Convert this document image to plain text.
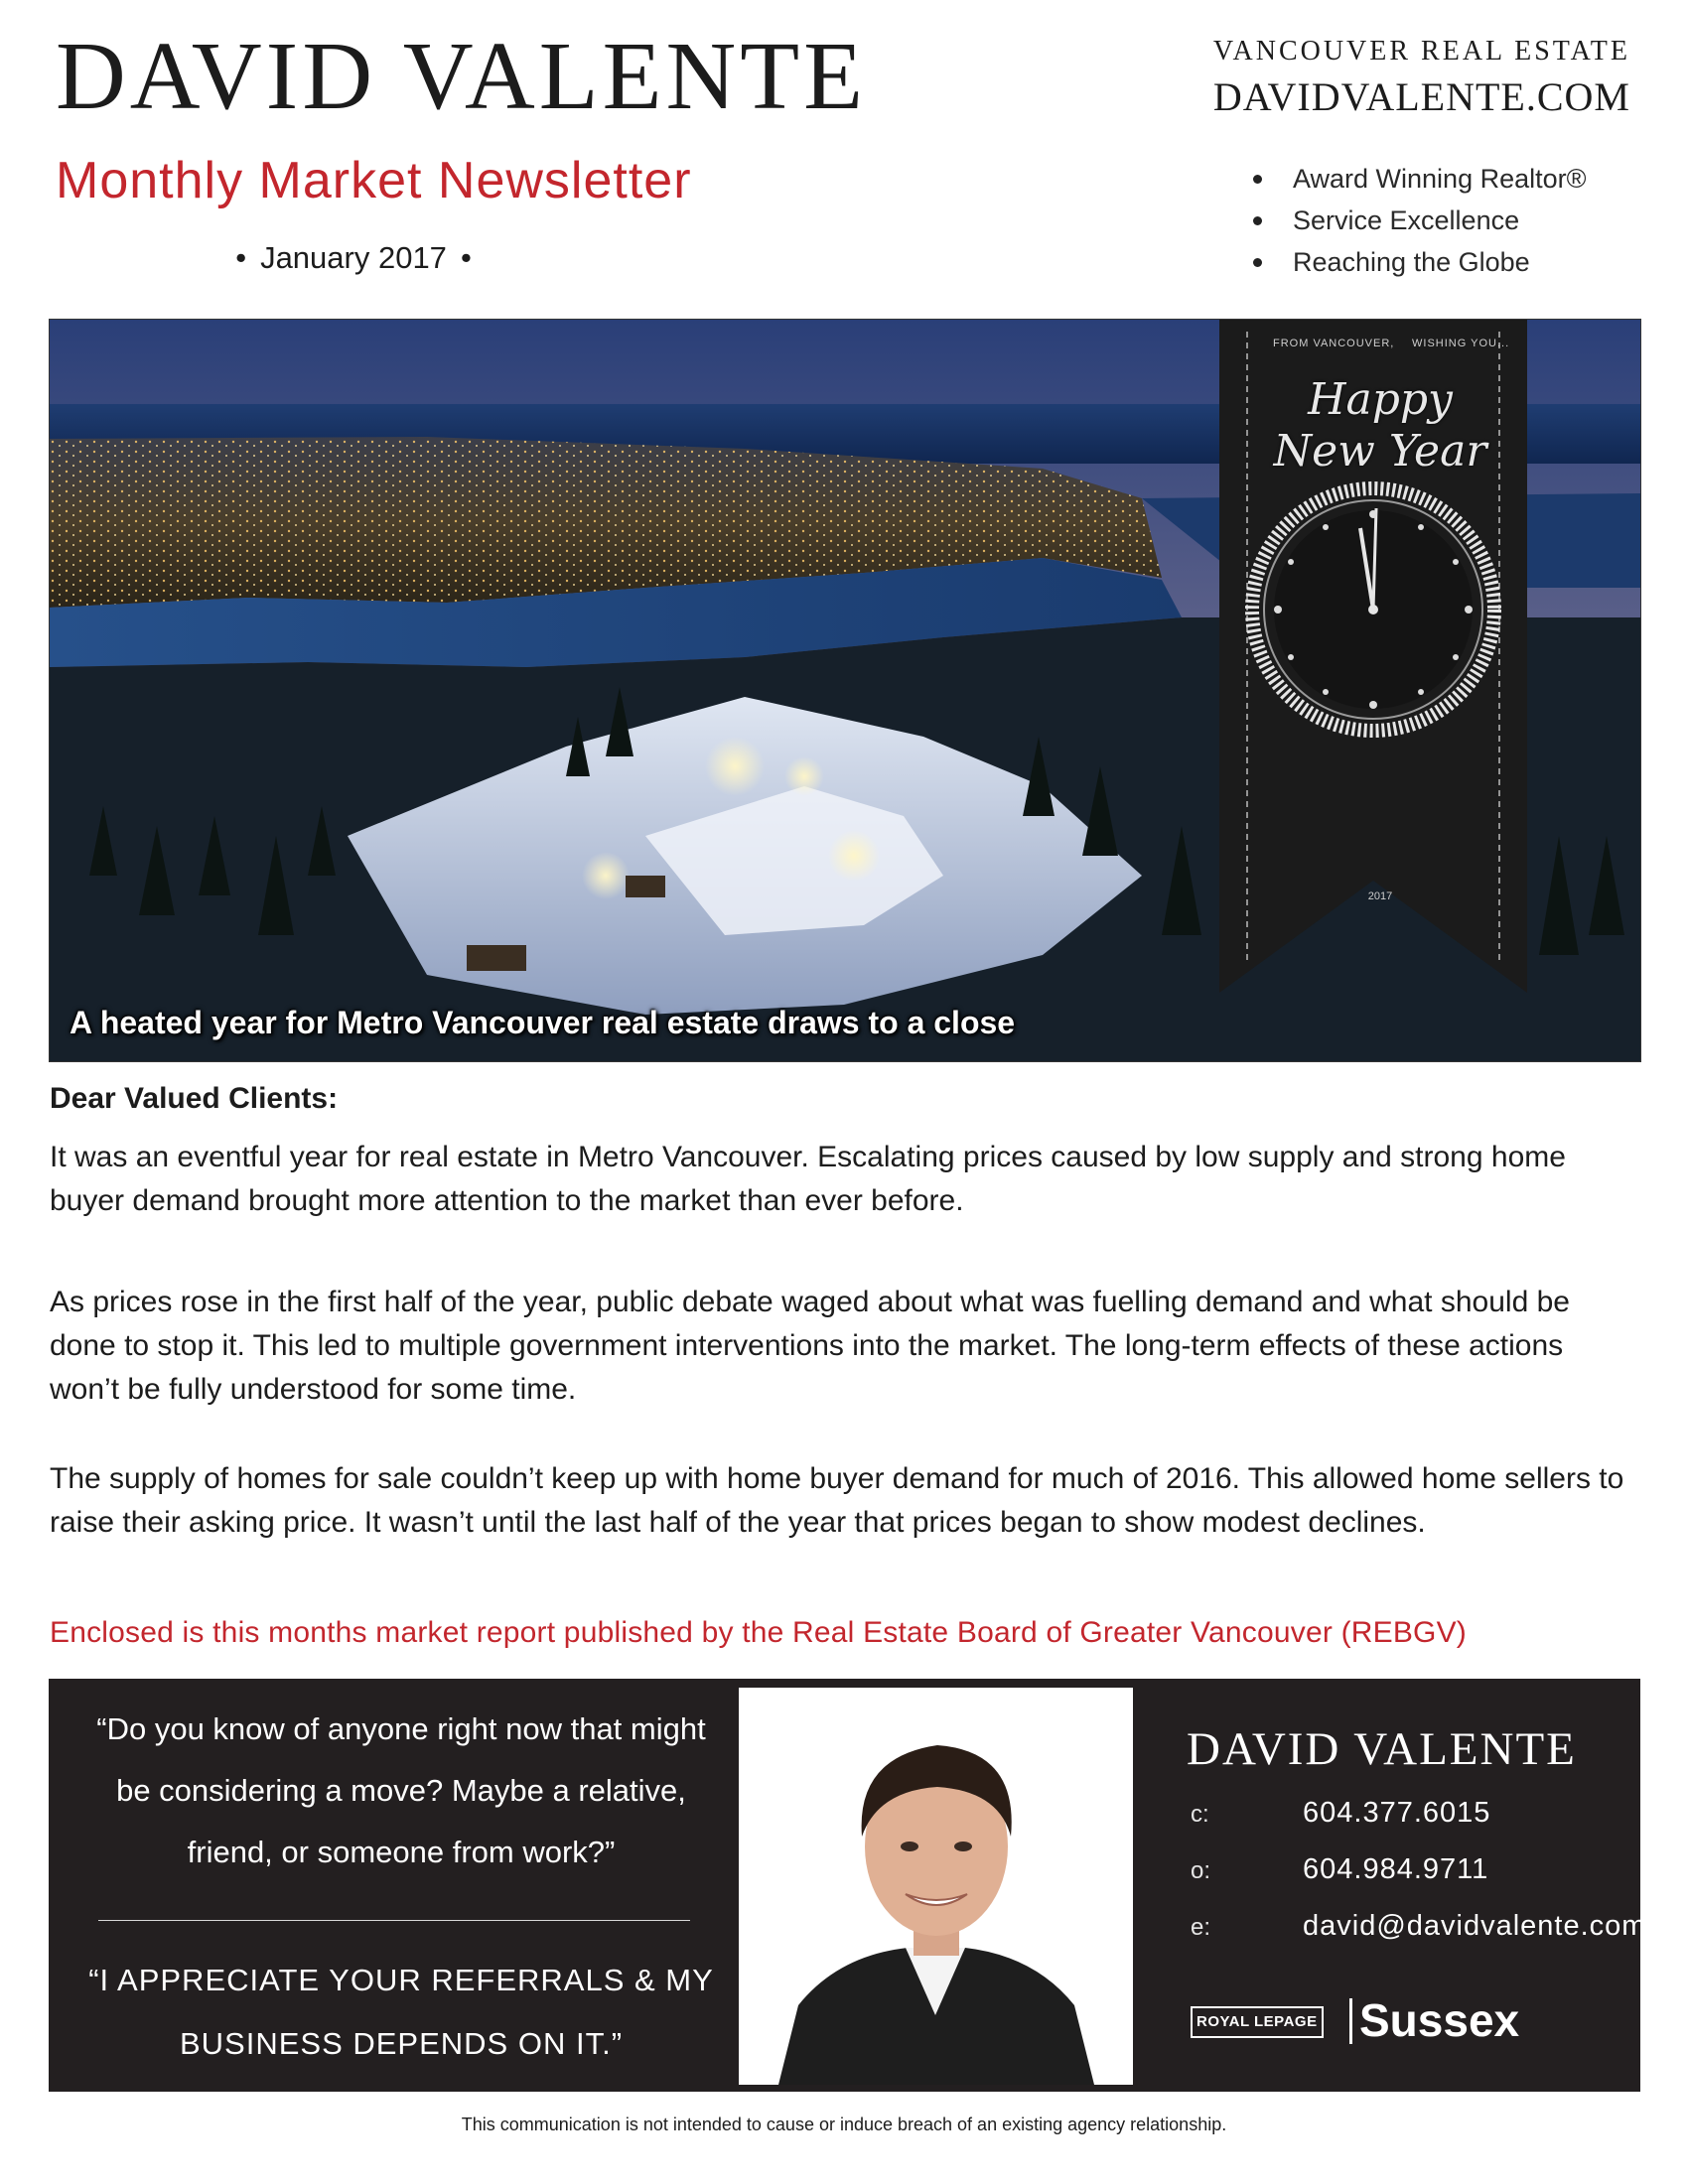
DAVID VALENTE
Monthly Market Newsletter
• January 2017 •
VANCOUVER REAL ESTATE
DAVIDVALENTE.COM
Award Winning Realtor®
Service Excellence
Reaching the Globe
FROM VANCOUVER, WISHING YOU...
Happy
New Year
2017
A heated year for Metro Vancouver real estate draws to a close
Dear Valued Clients:

It was an eventful year for real estate in Metro Vancouver. Escalating prices caused by low supply and strong home buyer demand brought more attention to the market than ever before.

As prices rose in the first half of the year, public debate waged about what was fuelling demand and what should be done to stop it. This led to multiple government interventions into the market. The long-term effects of these actions won’t be fully understood for some time.

The supply of homes for sale couldn’t keep up with home buyer demand for much of 2016. This allowed home sellers to raise their asking price. It wasn’t until the last half of the year that prices began to show modest declines.

Enclosed is this months market report published by the Real Estate Board of Greater Vancouver (REBGV)
“Do you know of anyone right now that might be considering a move? Maybe a relative, friend, or someone from work?”
“I APPRECIATE YOUR REFERRALS & MY BUSINESS DEPENDS ON IT.”
DAVID VALENTE
c:	604.377.6015
o:	604.984.9711
e:	david@davidvalente.com
ROYAL LEPAGE Sussex
This communication is not intended to cause or induce breach of an existing agency relationship.
